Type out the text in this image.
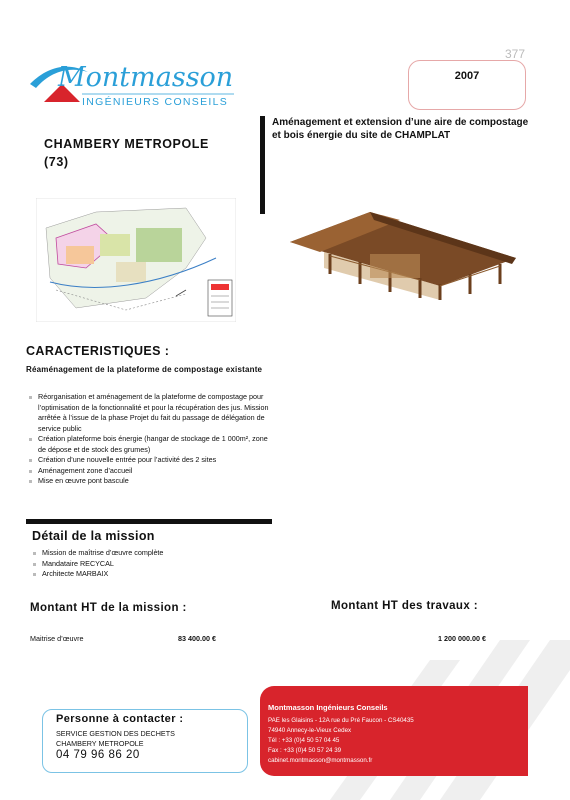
377
Montmasson
INGÉNIEURS CONSEILS
2007
CHAMBERY METROPOLE
(73)
Aménagement et extension d’une aire de compostage et bois énergie du site de CHAMPLAT
CARACTERISTIQUES :
Réaménagement de la plateforme de compostage existante
Réorganisation et aménagement de la plateforme de compostage pour l’optimisation de la fonctionnalité et pour la récupération des jus. Mission arrêtée à l’issue de la phase Projet du fait du passage de délégation de service public
Création plateforme bois énergie (hangar de stockage de 1 000m², zone de dépose et de stock des grumes)
Création d’une nouvelle entrée pour l’activité des 2 sites
Aménagement zone d’accueil
Mise en œuvre pont bascule
Détail de la mission
Mission de maîtrise d’œuvre complète
Mandataire RECYCAL
Architecte MARBAIX
Montant HT de la mission :	Montant HT des travaux :
Maitrise d’œuvre	83 400.00 €	1 200 000.00 €
Montmasson Ingénieurs Conseils
PAE les Glaisins - 12A rue du Pré Faucon - CS40435
74940 Annecy-le-Vieux Cedex
Tél : +33 (0)4 50 57 04 45
Fax : +33 (0)4 50 57 24 39
cabinet.montmasson@montmasson.fr
Personne à contacter :
SERVICE GESTION DES DECHETS
CHAMBERY METROPOLE
04 79 96 86 20
